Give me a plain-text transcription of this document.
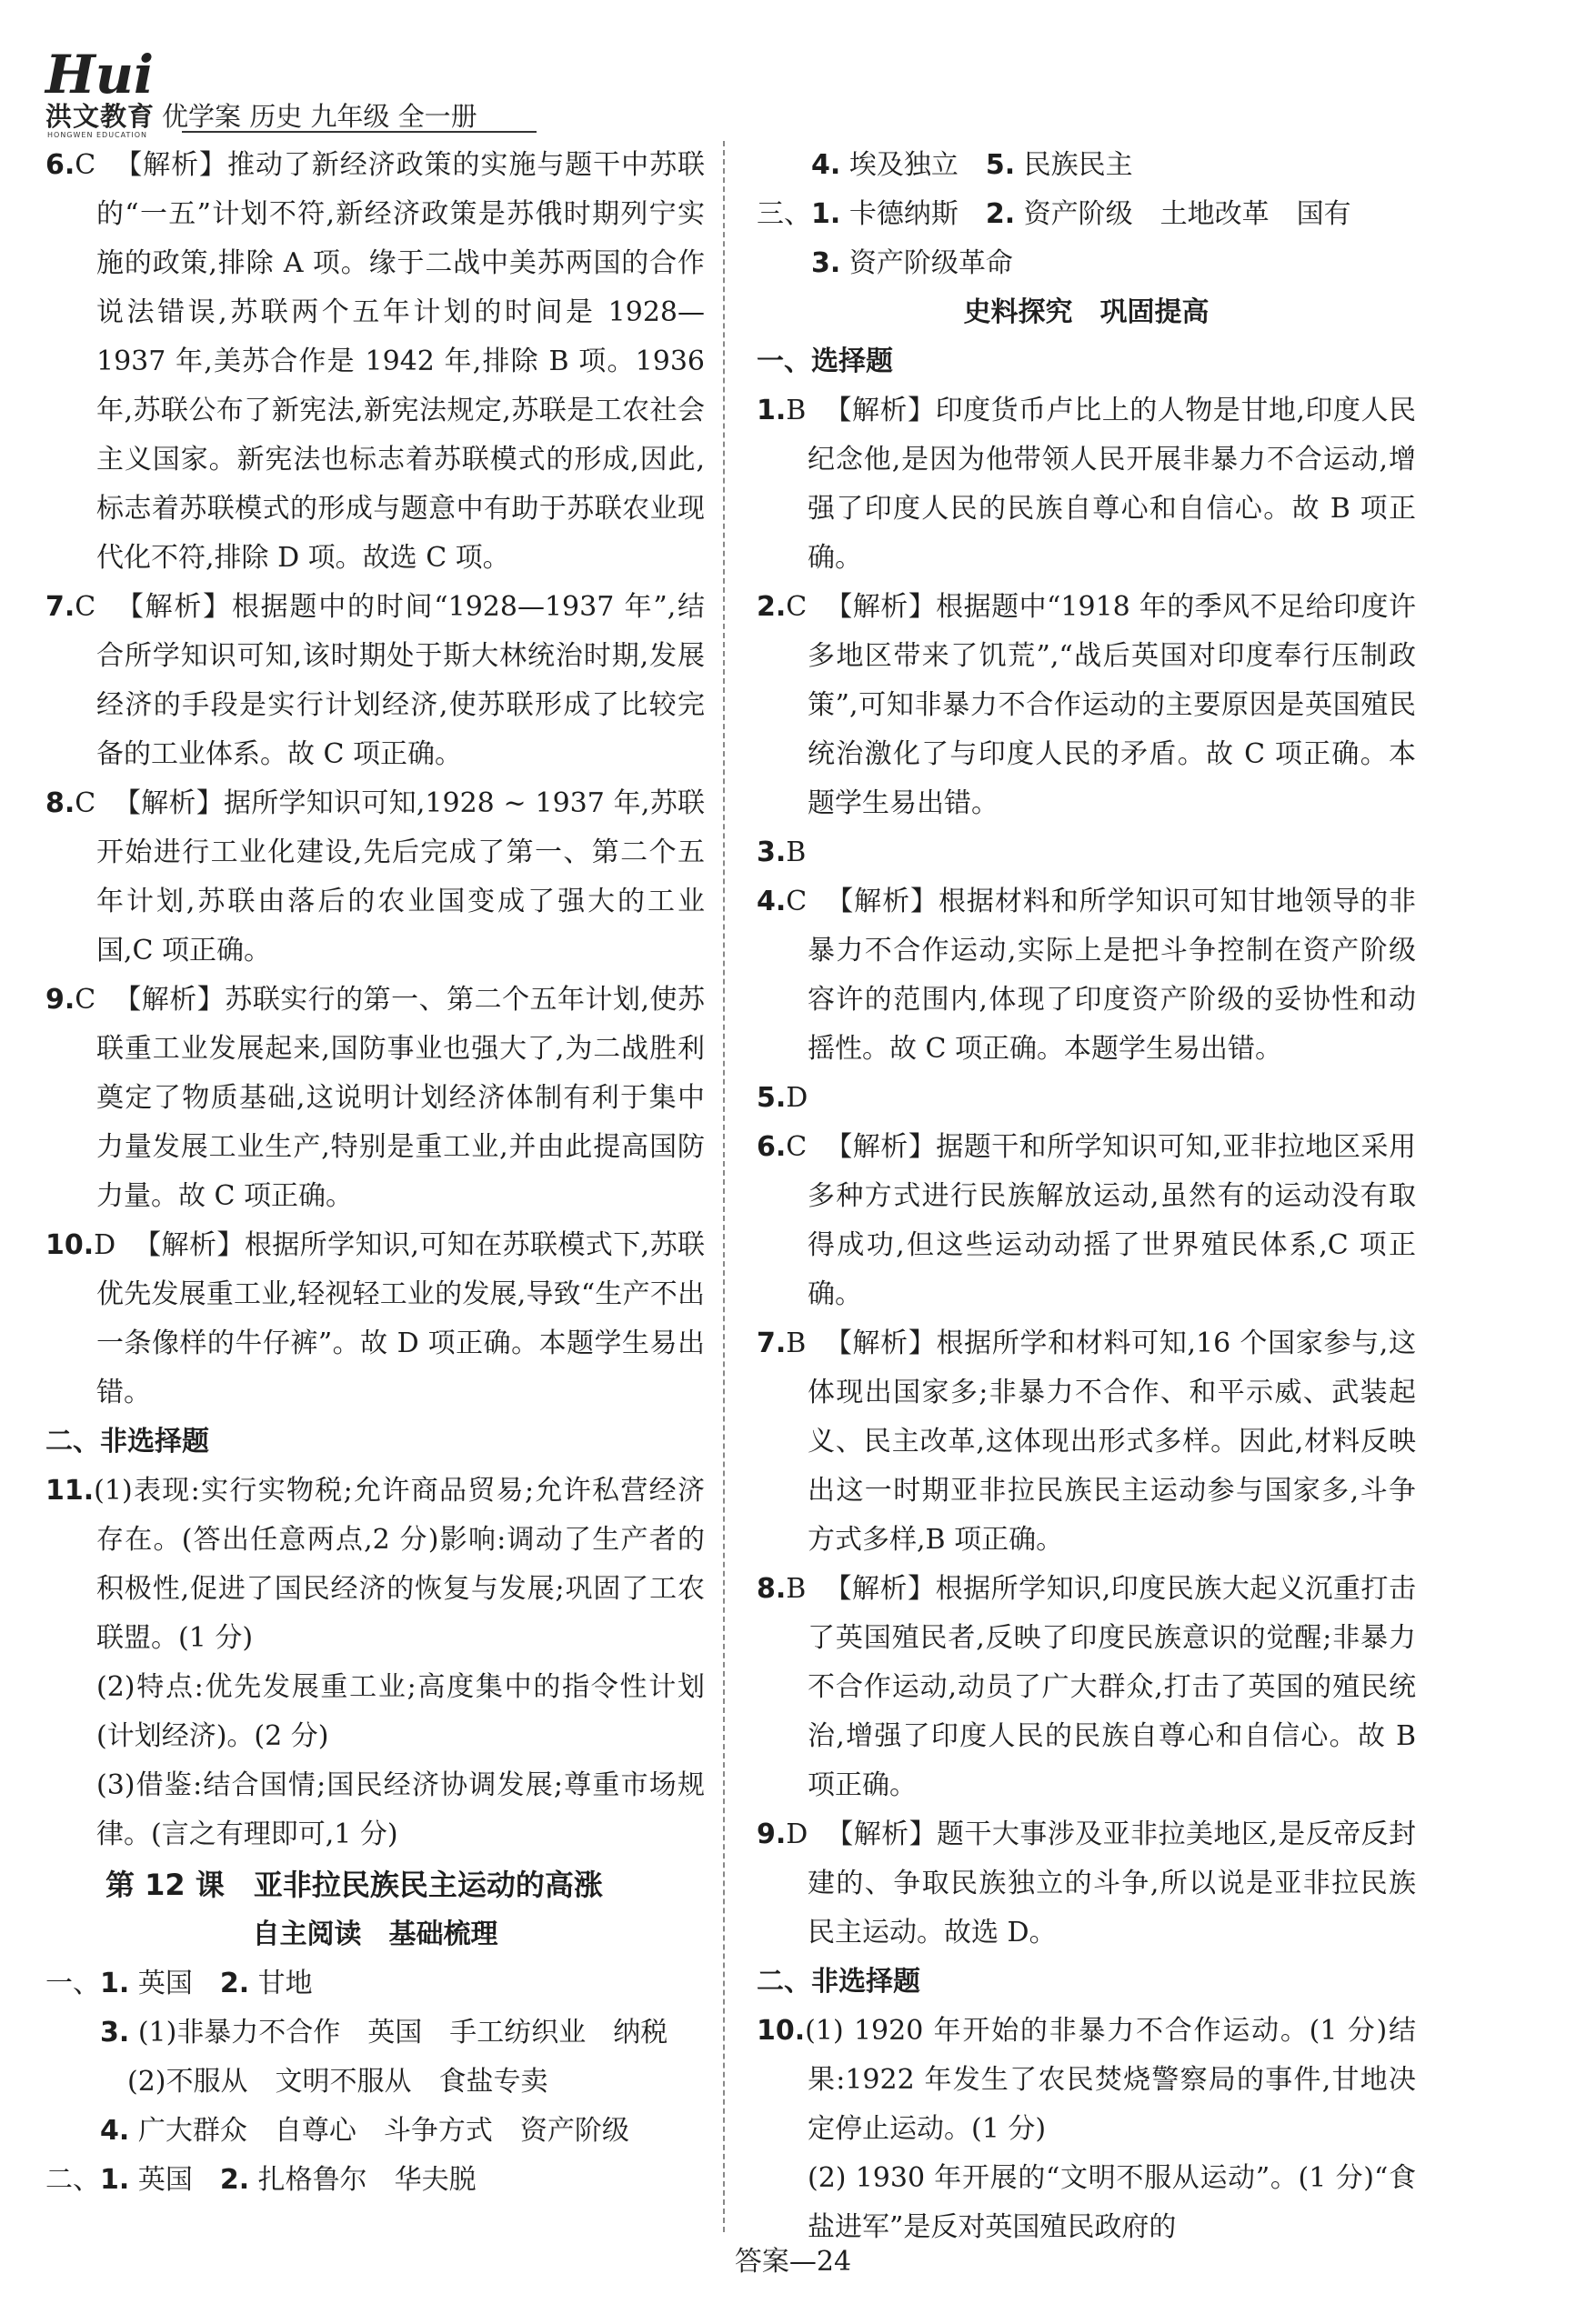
Hui
洪文教育
HONGWEN EDUCATION
优学案 历史 九年级 全一册

6.C 【解析】推动了新经济政策的实施与题干中苏联的“一五”计划不符,新经济政策是苏俄时期列宁实施的政策,排除 A 项。缘于二战中美苏两国的合作说法错误,苏联两个五年计划的时间是 1928—1937 年,美苏合作是 1942 年,排除 B 项。1936 年,苏联公布了新宪法,新宪法规定,苏联是工农社会主义国家。新宪法也标志着苏联模式的形成,因此,标志着苏联模式的形成与题意中有助于苏联农业现代化不符,排除 D 项。故选 C 项。

7.C 【解析】根据题中的时间“1928—1937 年”,结合所学知识可知,该时期处于斯大林统治时期,发展经济的手段是实行计划经济,使苏联形成了比较完备的工业体系。故 C 项正确。

8.C 【解析】据所学知识可知,1928 ~ 1937 年,苏联开始进行工业化建设,先后完成了第一、第二个五年计划,苏联由落后的农业国变成了强大的工业国,C 项正确。

9.C 【解析】苏联实行的第一、第二个五年计划,使苏联重工业发展起来,国防事业也强大了,为二战胜利奠定了物质基础,这说明计划经济体制有利于集中力量发展工业生产,特别是重工业,并由此提高国防力量。故 C 项正确。

10.D 【解析】根据所学知识,可知在苏联模式下,苏联优先发展重工业,轻视轻工业的发展,导致“生产不出一条像样的牛仔裤”。故 D 项正确。本题学生易出错。

二、非选择题

11.(1)表现:实行实物税;允许商品贸易;允许私营经济存在。(答出任意两点,2 分)影响:调动了生产者的积极性,促进了国民经济的恢复与发展;巩固了工农联盟。(1 分)

(2)特点:优先发展重工业;高度集中的指令性计划(计划经济)。(2 分)

(3)借鉴:结合国情;国民经济协调发展;尊重市场规律。(言之有理即可,1 分)

第 12 课　亚非拉民族民主运动的高涨
自主阅读　基础梳理
一、1. 英国　2. 甘地
　　3. (1)非暴力不合作　英国　手工纺织业　纳税
　　　(2)不服从　文明不服从　食盐专卖
　　4. 广大群众　自尊心　斗争方式　资产阶级
二、1. 英国　2. 扎格鲁尔　华夫脱
　　4. 埃及独立　5. 民族民主
三、1. 卡德纳斯　2. 资产阶级　土地改革　国有
　　3. 资产阶级革命
史料探究　巩固提高
一、选择题

1.B 【解析】印度货币卢比上的人物是甘地,印度人民纪念他,是因为他带领人民开展非暴力不合运动,增强了印度人民的民族自尊心和自信心。故 B 项正确。

2.C 【解析】根据题中“1918 年的季风不足给印度许多地区带来了饥荒”,“战后英国对印度奉行压制政策”,可知非暴力不合作运动的主要原因是英国殖民统治激化了与印度人民的矛盾。故 C 项正确。本题学生易出错。

3.B

4.C 【解析】根据材料和所学知识可知甘地领导的非暴力不合作运动,实际上是把斗争控制在资产阶级容许的范围内,体现了印度资产阶级的妥协性和动摇性。故 C 项正确。本题学生易出错。

5.D

6.C 【解析】据题干和所学知识可知,亚非拉地区采用多种方式进行民族解放运动,虽然有的运动没有取得成功,但这些运动动摇了世界殖民体系,C 项正确。

7.B 【解析】根据所学和材料可知,16 个国家参与,这体现出国家多;非暴力不合作、和平示威、武装起义、民主改革,这体现出形式多样。因此,材料反映出这一时期亚非拉民族民主运动参与国家多,斗争方式多样,B 项正确。

8.B 【解析】根据所学知识,印度民族大起义沉重打击了英国殖民者,反映了印度民族意识的觉醒;非暴力不合作运动,动员了广大群众,打击了英国的殖民统治,增强了印度人民的民族自尊心和自信心。故 B 项正确。

9.D 【解析】题干大事涉及亚非拉美地区,是反帝反封建的、争取民族独立的斗争,所以说是亚非拉民族民主运动。故选 D。

二、非选择题

10.(1) 1920 年开始的非暴力不合作运动。(1 分)结果:1922 年发生了农民焚烧警察局的事件,甘地决定停止运动。(1 分)

(2) 1930 年开展的“文明不服从运动”。(1 分)“食盐进军”是反对英国殖民政府的

答案—24
